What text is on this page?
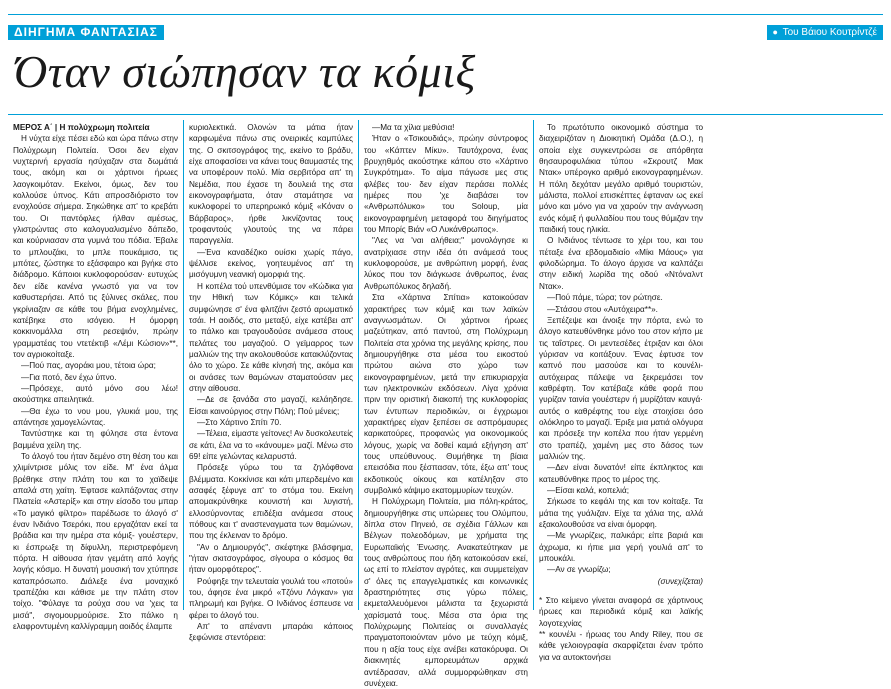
ΔΙΗΓΗΜΑ ΦΑΝΤΑΣΙΑΣ	● Του Βάιου Κουτρίντζέ
Όταν σιώπησαν τα κόμιξ

ΜΕΡΟΣ Α΄ | Η πολύχρωμη πολιτεία

Η νύχτα είχε πέσει εδώ και ώρα πάνω στην Πολύχρωμη Πολιτεία. Όσοι δεν είχαν νυχτερινή εργασία ησύχαζαν στα δωμάτιά τους, ακόμη και οι χάρτινοι ήρωες λαογκοιμόταν. Εκείνοι, όμως, δεν του κολλούσε ύπνος. Κάτι απροσδιόριστο τον ενοχλούσε σήμερα. Σηκώθηκε απ' το κρεβάτι του. Οι παντόφλες ήλθαν αμέσως, γλιστρώντας στο καλογυαλισμένο δάπεδο, και κούρνιασαν στα γυμνά του πόδια. Έβαλε το μπλουζάκι, το μπλε πουκάμισο, τις μπότες, ζώστηκε το εξάσφαιρο και βγήκε στο διάδρομο. Κάποιοι κυκλοφορούσαν· ευτυχώς δεν είδε κανένα γνωστό για να τον καθυστερήσει. Από τις ξύλινες σκάλες, που γκρίνιαζαν σε κάθε του βήμα ενοχλημένες, κατέβηκε στο ισόγειο. Η όμορφη κοκκινομάλλα στη ρεσεψιόν, πρώην γραμματέας του ντετέκτιβ «Λέμι Κώσιον»**, τον αγριοκοίταξε.

—Πού πας, αγοράκι μου, τέτοια ώρα;

—Για ποτό, δεν έχω ύπνο.

—Πρόσεχε, αυτό μόνο σου λέω! ακούστηκε απειλητικά.

—Θα έχω το νου μου, γλυκιά μου, της απάντησε χαμογελώντας.

Ταντύστηκε και τη φύλησε στα έντονα βαμμένα χείλη της.

Το άλογό του ήταν δεμένο στη θέση του και χλιμίντρισε μόλις τον είδε. Μ' ένα άλμα βρέθηκε στην πλάτη του και το χαϊδεψε απαλά στη χαίτη. Έφτασε καλπάζοντας στην Πλατεία «Αστερίξ» και στην είσοδο του μπαρ «Το μαγικό φίλτρο» παρέδωσε το άλογό σ' έναν Ινδιάνο Τσερόκι, που εργαζόταν εκεί τα βράδια και την ημέρα στα κόμιξ- γουέστερν, κι έσπρωξε τη δίφυλλη, περιστρεφόμενη πόρτα. Η αίθουσα ήταν γεμάτη από λογής λογής κόσμο. Η δυνατή μουσική τον χτύπησε καταπρόσωπο. Διάλεξε ένα μοναχικό τραπέζάκι και κάθισε με την πλάτη στον τοίχο. "Φύλαγε τα ρούχα σου να 'χεις τα μισά", σιγομουρμούρισε. Στο πάλκο η ελαφροντυμένη καλλίγραμμη αοιδός έλαμπε

κυριολεκτικά. Ολονών τα μάτια ήταν καρφωμένα πάνω στις ονειρικές καμπύλες της. Ο σκιτσογράφος της, εκείνο το βράδυ, είχε αποφασίσει να κάνει τους θαυμαστές της να υποφέρουν πολύ. Μία σερβιτόρα απ' τη Νεμέδια, που έχασε τη δουλειά της στα εικονογραφήματα, όταν σταμάτησε να κυκλοφορεί το υπερηρωικό κόμιξ «Κόναν ο Βάρβαρος», ήρθε λικνίζοντας τους τροφαντούς γλουτούς της να πάρει παραγγελία.

—Ένα καναδέζικο ουίσκι χωρίς πάγο, ψέλλισε εκείνος, γοητευμένος απ' τη μισόγυμνη νεανική ομορφιά της.

Η κοπέλα τού υπενθύμισε τον «Κώδικα για την Ηθική των Κόμικς» και τελικά συμφώνησε σ' ένα φλιτζάνι ζεστό αρωματικό τσάι. Η αοιδός, στο μεταξύ, είχε κατέβει απ' το πάλκο και τραγουδούσε ανάμεσα στους πελάτες του μαγαζιού. Ο γεϊμαρρος των μαλλιών της την ακολουθούσε κατακλύζοντας όλο το χώρο. Σε κάθε κίνησή της, ακόμα και οι ανάσες των θαμώνων σταματούσαν μες στην αίθουσα.

—Δε σε ξανάδα στο μαγαζί, κελάηδησε. Είσαι καινούργιος στην Πόλη; Πού μένεις;

—Στο Χάρτινο Σπίτι 70.

—Τέλεια, είμαστε γείτονες! Αν δυσκολευτείς σε κάτι, έλα να το «κάνουμε» μαζί. Μένω στο 69! είπε γελώντας κελαρυστά.

Πρόσεξε γύρω του τα ζηλόφθονα βλέμματα. Κοκκίνισε και κάτι μπερδεμένο και ασαφές ξέφυγε απ' το στόμα του. Εκείνη απομακρύνθηκε κουνιστή και λυγιστή, ελλοσύρνοντας επιδέξια ανάμεσα στους πόθους και τ' αναστεναγματα των θαμώνων, που της έκλειναν το δρόμο.

"Αν ο Δημιουργός", σκέφτηκε βλάσφημα, "ήταν σκιτσογράφος, σίγουρα ο κόσμος θα ήταν ομορφότερος".

Ρούφηξε την τελευταία γουλιά του «ποτού» του, άφησε ένα μικρό «Τζόνυ Λόγκαν» για πληρωμή και βγήκε. Ο Ινδιάνος έσπευσε να φέρει το άλογό του.

Απ' το απέναντι μπαράκι κάποιος ξεφώνισε στεντόρεια:

—Μα τα χίλια μεθύσια!

Ήταν ο «Τσικουδιάς», πρώην σύντροφος του «Κάπτεν Μίκυ». Ταυτόχρονα, ένας βρυχηθμός ακούστηκε κάπου στο «Χάρτινο Συγκρότημα». Το αίμα πάγωσε μες στις φλέβες του· δεν είχαν περάσει πολλές ημέρες που 'χε διαβάσει τον «Ανθρωπόλυκο» του Soloup, μία εικονογραφημένη μεταφορά του διηγήματος του Μπορίς Βιάν «Ο Λυκάνθρωπος».

"Λες να 'ναι αλήθεια;" μονολόγησε κι ανατρίχιασε στην ιδέα ότι ανάμεσά τους κυκλοφορούσε, με ανθρώπινη μορφή, ένας λύκος που τον διάγκωσε άνθρωπος, ένας Ανθρωπόλυκος δηλαδή.

Στα «Χάρτινα Σπίτια» κατοικούσαν χαρακτήρες των κόμιξ και των λαϊκών αναγνωσμάτων. Οι χάρτινοι ήρωες μαζεύτηκαν, από παντού, στη Πολύχρωμη Πολιτεία στα χρόνια της μεγάλης κρίσης, που δημιουργήθηκε στα μέσα του εικοστού πρώτου αιώνα στο χώρο των εικονογραφημένων, μετά την επικυριαρχία των ηλεκτρονικών εκδόσεων. Λίγα χρόνια πριν την οριστική διακοπή της κυκλοφορίας των έντυπων περιοδικών, οι έγχρωμοι χαρακτήρες είχαν ξεπέσει σε ασπρόμαυρες καρικατούρες, προφανώς για οικονομικούς λόγους, χωρίς να δοθεί καμιά εξήγηση απ' τους υπεύθυνους. Θυμήθηκε τη βίαια επεισόδια που ξέσπασαν, τότε, έξω απ' τους εκδοτικούς οίκους και κατέληξαν στο συμβολικό κάψιμο εκατομμυρίων τευχών.

Η Πολύχρωμη Πολιτεία, μια πόλη-κράτος, δημιουργήθηκε στις υπώρειες του Ολύμπου, δίπλα στον Πηνειό, σε σχέδια Γάλλων και Βέλγων πολεοδόμων, με χρήματα της Ευρωπαϊκής Ένωσης. Ανακατεύτηκαν με τους ανθρώπους που ήδη κατοικούσαν εκεί, ως επί το πλείστον αγρότες, και συμμετείχαν σ' όλες τις επαγγελματικές και κοινωνικές δραστηριότητες στις γύρω πόλεις, εκμεταλλευόμενοι μάλιστα τα ξεχωριστά χαρίσματά τους. Μέσα στα όρια της Πολύχρωμης Πολιτείας οι συναλλαγές πραγματοποιούνταν μόνο με τεύχη κόμιξ, που η αξία τους είχε ανέβει κατακόρυφα. Οι διακινητές εμπορευμάτων αρχικά αντέδρασαν, αλλά συμμορφώθηκαν στη συνέχεια.

Το πρωτότυπο οικονομικό σύστημα το διαχειριζόταν η Διοικητική Ομάδα (Δ.Ο.), η οποία είχε συγκεντρώσει σε απόρθητα θησαυροφυλάκια τύπου «Σκρουτζ Μακ Ντακ» υπέρογκο αριθμό εικονογραφημένων. Η πόλη δεχόταν μεγάλο αριθμό τουριστών, μάλιστα, πολλοί επισκέπτες έφταναν ως εκεί μόνο και μόνο για να χαρούν την ανάγνωση ενός κόμιξ ή φυλλαδίου που τους θύμιζαν την παιδική τους ηλικία.

Ο Ινδιάνος τέντωσε το χέρι του, και του πέταξε ένα εβδομαδιαίο «Μίκι Μάους» για φιλοδώρημα. Το άλογο άρχισε να καλπάζει στην ειδική λωρίδα της οδού «Ντόναλντ Ντακ».

—Πού πάμε, τώρα; τον ρώτησε.

—Στάσου στου «Αυτόχειρα**».

Ξεπέζεψε και άνοιξε την πόρτα, ενώ το άλογο κατευθύνθηκε μόνο του στον κήπο με τις ταΐστρες. Οι μεντεσέδες έτριξαν και όλοι γύρισαν να κοιτάξουν. Ένας έφτυσε τον καπνό που μασούσε και το κουνέλι-αυτόχειρας πάλεψε να ξεκρεμάσει τον καθρέφτη. Τον κατέβαζε κάθε φορά που γυρίζαν ταινία γουέστερν ή μυρίζόταν καυγά· αυτός ο καθρέφτης του είχε στοιχίσει όσο ολόκληρο το μαγαζί. Έριξε μια ματιά ολόγυρα και πρόσεξε την κοπέλα που ήταν γερμένη στο τραπέζι, χαμένη μες στο δάσος των μαλλιών της.

—Δεν είναι δυνατόν! είπε έκπληκτος και κατευθύνθηκε προς το μέρος της.

—Είσαι καλά, κοπελιά;

Σήκωσε το κεφάλι της και τον κοίταξε. Τα μάτια της γυάλιζαν. Είχε τα χάλια της, αλλά εξακολουθούσε να είναι όμορφη.

—Με γνωρίζεις, παλικάρι; είπε βαριά και άχρωμα, κι ήπιε μια γερή γουλιά απ' το μπουκάλι.

—Αν σε γνωρίζω;

(συνεχίζεται)

* Στο κείμενο γίνεται αναφορά σε χάρτινους ήρωες και περιοδικά κόμιξ και λαϊκής λογοτεχνίας

** κουνέλι - ήρωας του Andy Riley, που σε κάθε γελοιογραφία σκαρφίζεται έναν τρόπο για να αυτοκτονήσει
